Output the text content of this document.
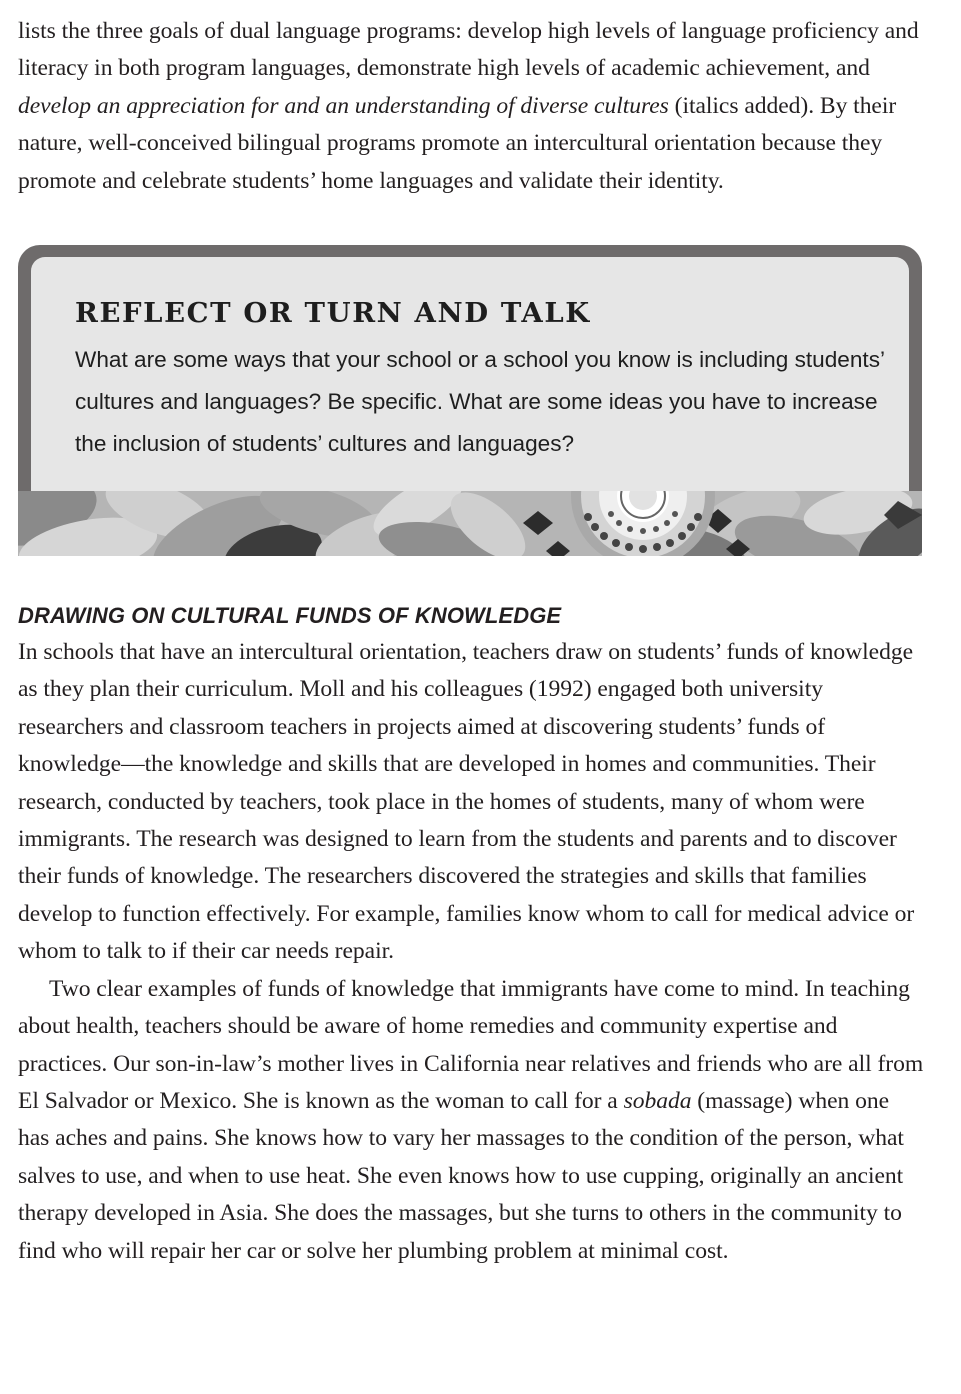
lists the three goals of dual language programs: develop high levels of language proficiency and literacy in both program languages, demonstrate high levels of academic achievement, and develop an appreciation for and an understanding of diverse cultures (italics added). By their nature, well-conceived bilingual programs promote an intercultural orientation because they promote and celebrate students’ home languages and validate their identity.

REFLECT OR TURN AND TALK

What are some ways that your school or a school you know is including students’ cultures and languages? Be specific. What are some ideas you have to increase the inclusion of students’ cultures and languages?

DRAWING ON CULTURAL FUNDS OF KNOWLEDGE

In schools that have an intercultural orientation, teachers draw on students’ funds of knowledge as they plan their curriculum. Moll and his colleagues (1992) engaged both university researchers and classroom teachers in projects aimed at discovering students’ funds of knowledge—the knowledge and skills that are developed in homes and communities. Their research, conducted by teachers, took place in the homes of students, many of whom were immigrants. The research was designed to learn from the students and parents and to discover their funds of knowledge. The researchers discovered the strategies and skills that families develop to function effectively. For example, families know whom to call for medical advice or whom to talk to if their car needs repair.

Two clear examples of funds of knowledge that immigrants have come to mind. In teaching about health, teachers should be aware of home remedies and community expertise and practices. Our son-in-law’s mother lives in California near relatives and friends who are all from El Salvador or Mexico. She is known as the woman to call for a sobada (massage) when one has aches and pains. She knows how to vary her massages to the condition of the person, what salves to use, and when to use heat. She even knows how to use cupping, originally an ancient therapy developed in Asia. She does the massages, but she turns to others in the community to find who will repair her car or solve her plumbing problem at minimal cost.
